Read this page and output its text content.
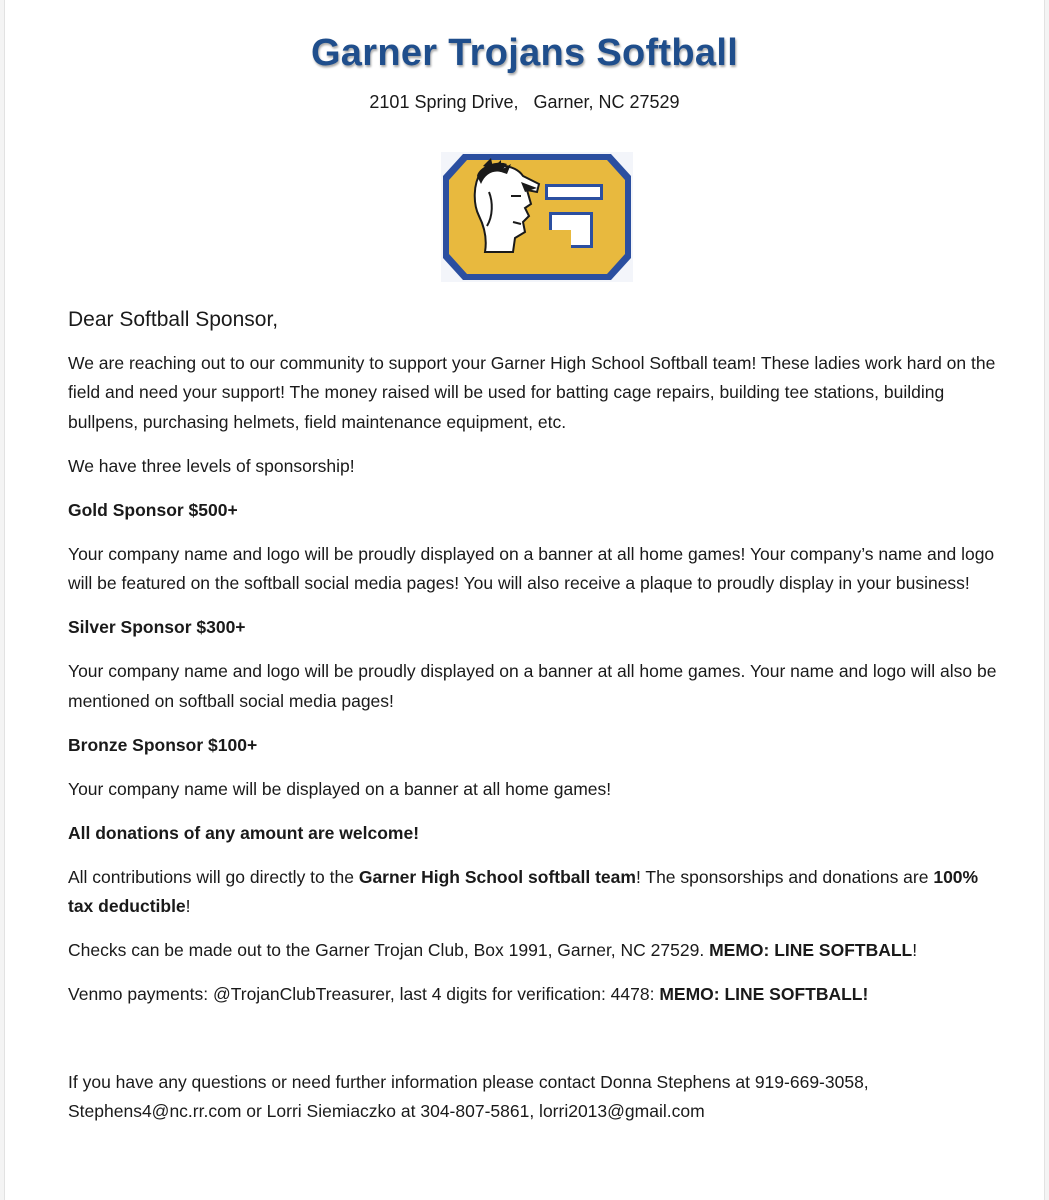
Garner Trojans Softball
2101 Spring Drive,   Garner, NC 27529

Dear Softball Sponsor,

We are reaching out to our community to support your Garner High School Softball team! These ladies work hard on the field and need your support! The money raised will be used for batting cage repairs, building tee stations, building bullpens, purchasing helmets, field maintenance equipment, etc.

We have three levels of sponsorship!

Gold Sponsor $500+

Your company name and logo will be proudly displayed on a banner at all home games! Your company’s name and logo will be featured on the softball social media pages! You will also receive a plaque to proudly display in your business!

Silver Sponsor $300+

Your company name and logo will be proudly displayed on a banner at all home games. Your name and logo will also be mentioned on softball social media pages!

Bronze Sponsor $100+

Your company name will be displayed on a banner at all home games!

All donations of any amount are welcome!

All contributions will go directly to the Garner High School softball team! The sponsorships and donations are 100% tax deductible!

Checks can be made out to the Garner Trojan Club, Box 1991, Garner, NC 27529. MEMO: LINE SOFTBALL!

Venmo payments: @TrojanClubTreasurer, last 4 digits for verification: 4478: MEMO: LINE SOFTBALL!

If you have any questions or need further information please contact Donna Stephens at 919-669-3058, Stephens4@nc.rr.com or Lorri Siemiaczko at 304-807-5861, lorri2013@gmail.com
